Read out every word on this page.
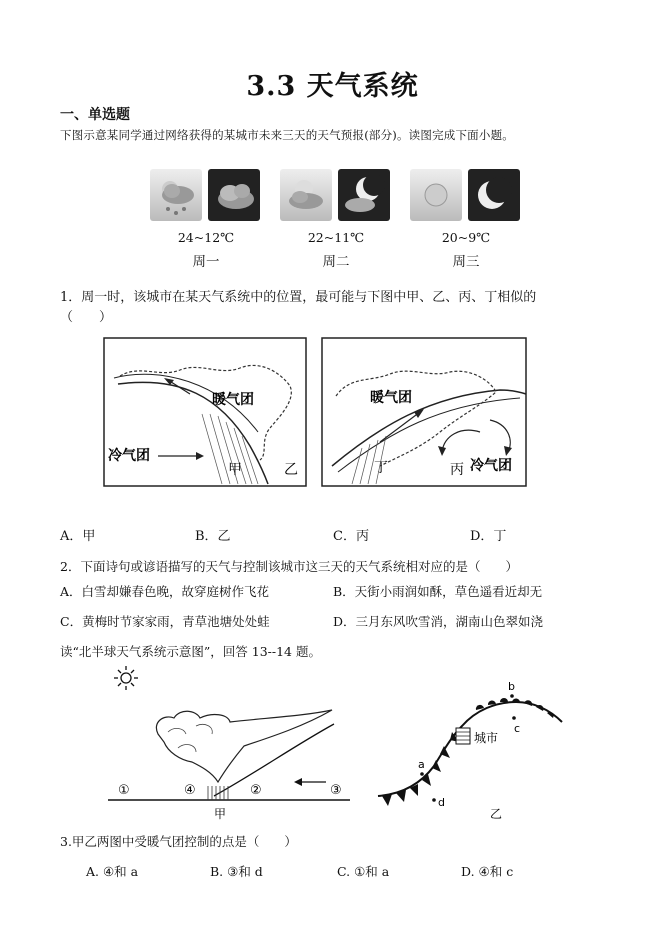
3.3 天气系统
一、单选题
下图示意某同学通过网络获得的某城市未来三天的天气预报(部分)。读图完成下面小题。
24~12℃
周一
22~11℃
周二
20~9℃
周三
1．周一时，该城市在某天气系统中的位置，最可能与下图中甲、乙、丙、丁相似的
（　　）
暖气团
冷气团
甲	乙
暖气团
冷气团
丁	丙
A．甲	B．乙	C．丙	D．丁
2．下面诗句或谚语描写的天气与控制该城市这三天的天气系统相对应的是（　　）
A．白雪却嫌春色晚，故穿庭树作飞花	B．天街小雨润如酥，草色遥看近却无
C．黄梅时节家家雨，青草池塘处处蛙	D．三月东风吹雪消，湖南山色翠如浇
读“北半球天气系统示意图”，回答 13--14 题。
①	②	③
④
甲
城市
a
b
c
d
乙
3.甲乙两图中受暖气团控制的点是（　　）
A. ④和 a	B. ③和 d	C. ①和 a	D. ④和 c
